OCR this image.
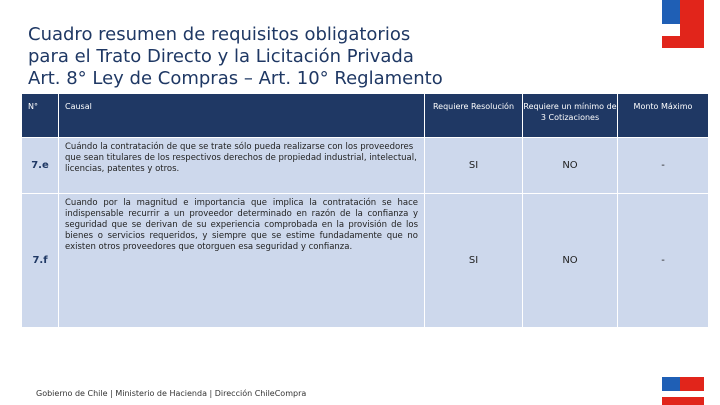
Cuadro resumen de requisitos obligatorios
para el Trato Directo y la Licitación Privada
Art. 8° Ley de Compras – Art. 10° Reglamento
N°	Causal	Requiere Resolución	Requiere un mínimo de 3 Cotizaciones	Monto Máximo
7.e	Cuándo la contratación de que se trate sólo pueda realizarse con los proveedores que sean titulares de los respectivos derechos de propiedad industrial, intelectual, licencias, patentes y otros.	SI	NO	-
7.f	Cuando por la magnitud e importancia que implica la contratación se hace indispensable recurrir a un proveedor determinado en razón de la confianza y seguridad que se derivan de su experiencia comprobada en la provisión de los bienes o servicios requeridos, y siempre que se estime fundadamente que no existen otros proveedores que otorguen esa seguridad y confianza.	SI	NO	-
Gobierno de Chile | Ministerio de Hacienda | Dirección ChileCompra
